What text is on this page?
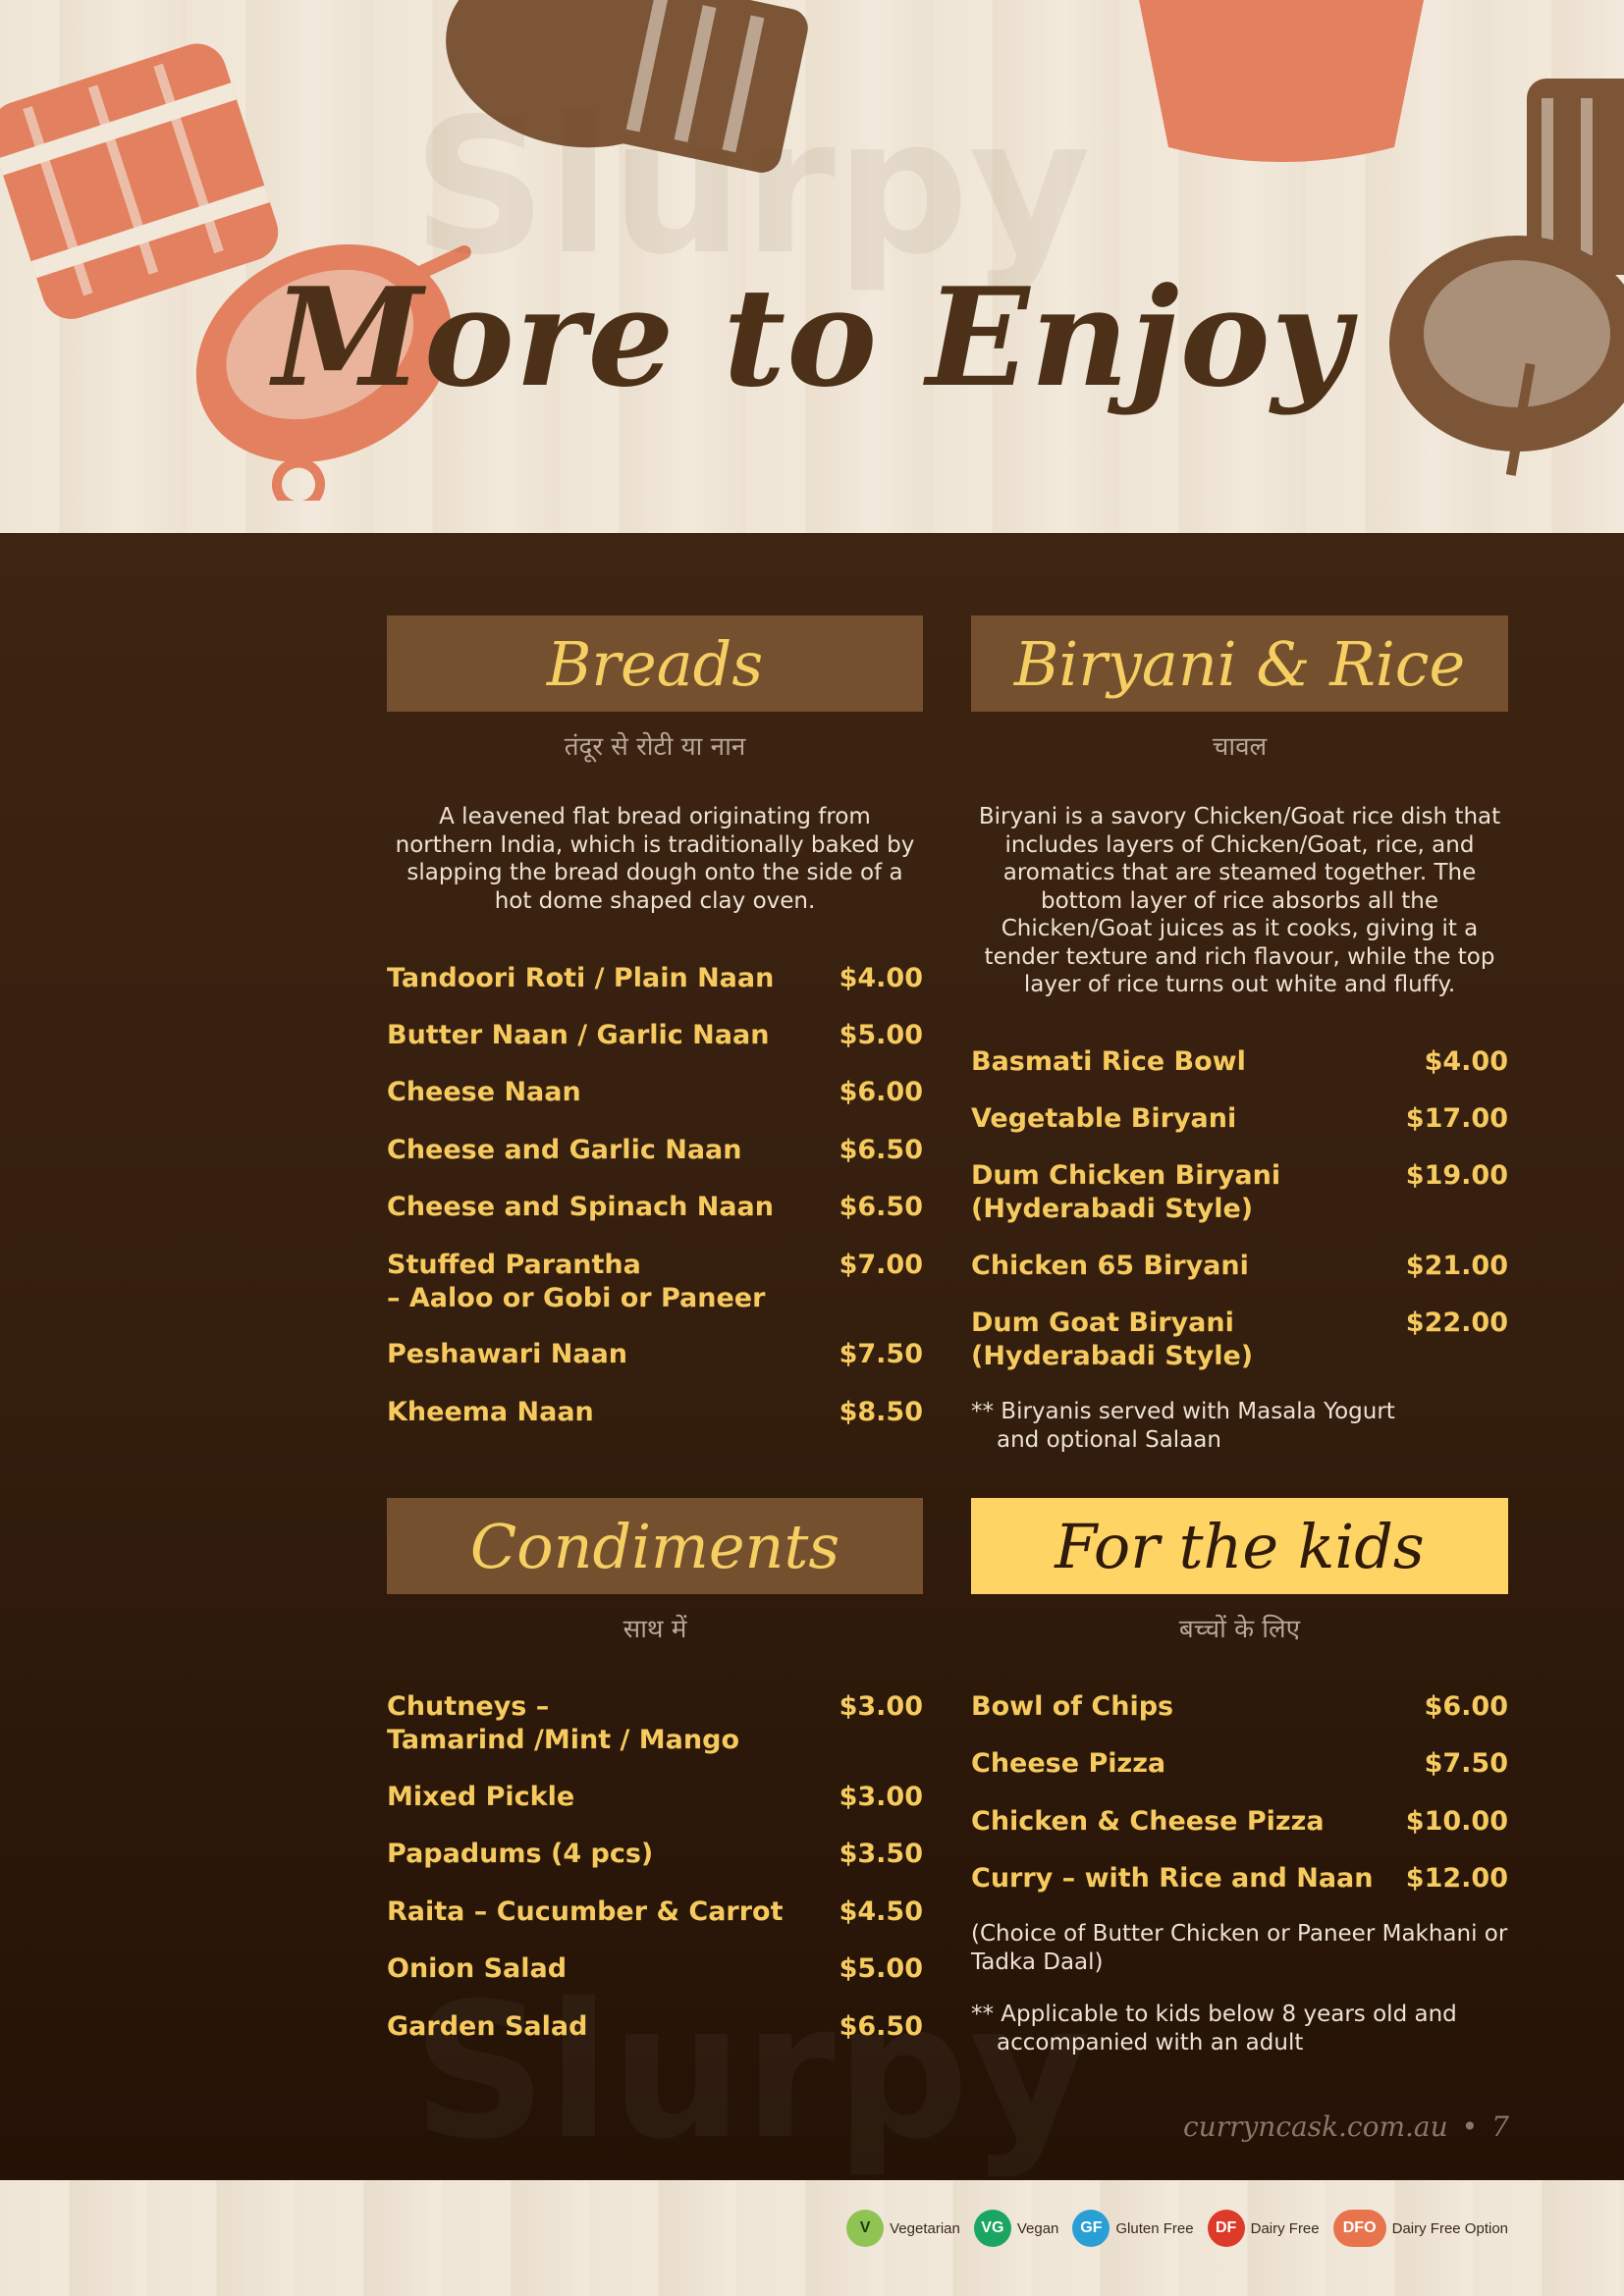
More to Enjoy
Breads
तंदूर से रोटी या नान
A leavened flat bread originating from northern India, which is traditionally baked by slapping the bread dough onto the side of a hot dome shaped clay oven.
Tandoori Roti / Plain Naan $4.00
Butter Naan / Garlic Naan	$5.00
Cheese Naan	$6.00
Cheese and Garlic Naan	$6.50
Cheese and Spinach Naan $6.50
Stuffed Parantha
– Aaloo or Gobi or Paneer
$7.00
Peshawari Naan	$7.50
Kheema Naan	$8.50
Biryani & Rice
चावल
Biryani is a savory Chicken/Goat rice dish that includes layers of Chicken/Goat, rice, and aromatics that are steamed together. The bottom layer of rice absorbs all the Chicken/Goat juices as it cooks, giving it a tender texture and rich flavour, while the top layer of rice turns out white and fluffy.
Basmati Rice Bowl	$4.00
Vegetable Biryani	$17.00
Dum Chicken Biryani
(Hyderabadi Style)
$19.00
Chicken 65 Biryani	$21.00
Dum Goat Biryani
(Hyderabadi Style)
$22.00
** Biryanis served with Masala Yogurt and optional Salaan
Condiments
साथ में
Chutneys –
Tamarind /Mint / Mango
$3.00
Mixed Pickle	$3.00
Papadums (4 pcs)	$3.50
Raita – Cucumber & Carrot $4.50
Onion Salad	$5.00
Garden Salad	$6.50
For the kids
बच्चों के लिए
Bowl of Chips	$6.00
Cheese Pizza	$7.50
Chicken & Cheese Pizza	$10.00
Curry – with Rice and Naan $12.00
(Choice of Butter Chicken or Paneer Makhani or Tadka Daal)
** Applicable to kids below 8 years old and accompanied with an adult
curryncask.com.au • 7
V	Vegetarian	VG Vegan	GF Gluten Free	DF Dairy Free	DFO	Dairy Free Option
